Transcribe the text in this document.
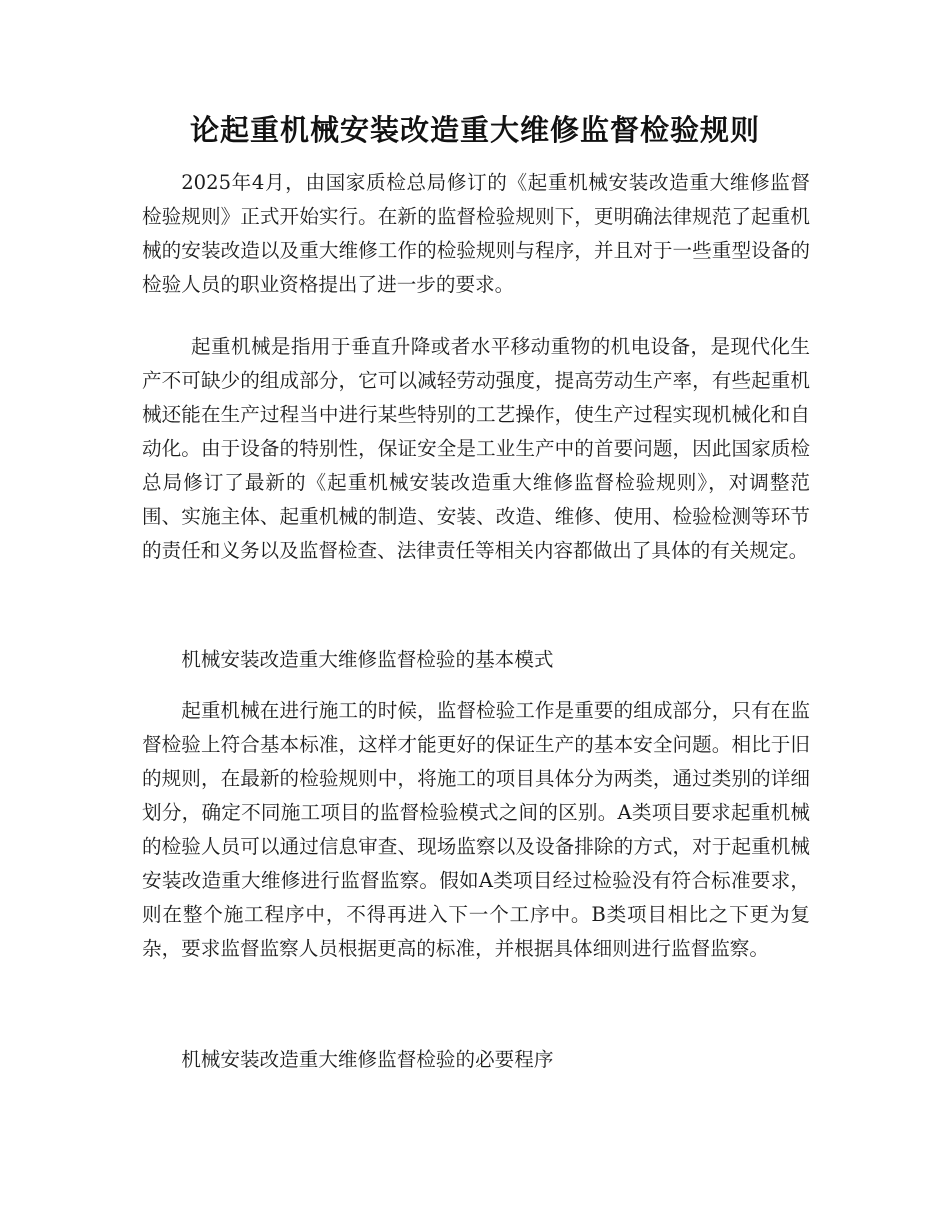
论起重机械安装改造重大维修监督检验规则

2025年4月，由国家质检总局修订的《起重机械安装改造重大维修监督检验规则》正式开始实行。在新的监督检验规则下，更明确法律规范了起重机械的安装改造以及重大维修工作的检验规则与程序，并且对于一些重型设备的检验人员的职业资格提出了进一步的要求。

起重机械是指用于垂直升降或者水平移动重物的机电设备，是现代化生产不可缺少的组成部分，它可以减轻劳动强度，提高劳动生产率，有些起重机械还能在生产过程当中进行某些特别的工艺操作，使生产过程实现机械化和自动化。由于设备的特别性，保证安全是工业生产中的首要问题，因此国家质检总局修订了最新的《起重机械安装改造重大维修监督检验规则》，对调整范围、实施主体、起重机械的制造、安装、改造、维修、使用、检验检测等环节的责任和义务以及监督检查、法律责任等相关内容都做出了具体的有关规定。

机械安装改造重大维修监督检验的基本模式

起重机械在进行施工的时候，监督检验工作是重要的组成部分，只有在监督检验上符合基本标准，这样才能更好的保证生产的基本安全问题。相比于旧的规则，在最新的检验规则中，将施工的项目具体分为两类，通过类别的详细划分，确定不同施工项目的监督检验模式之间的区别。A类项目要求起重机械的检验人员可以通过信息审查、现场监察以及设备排除的方式，对于起重机械安装改造重大维修进行监督监察。假如A类项目经过检验没有符合标准要求，则在整个施工程序中，不得再进入下一个工序中。B类项目相比之下更为复杂，要求监督监察人员根据更高的标准，并根据具体细则进行监督监察。

机械安装改造重大维修监督检验的必要程序
